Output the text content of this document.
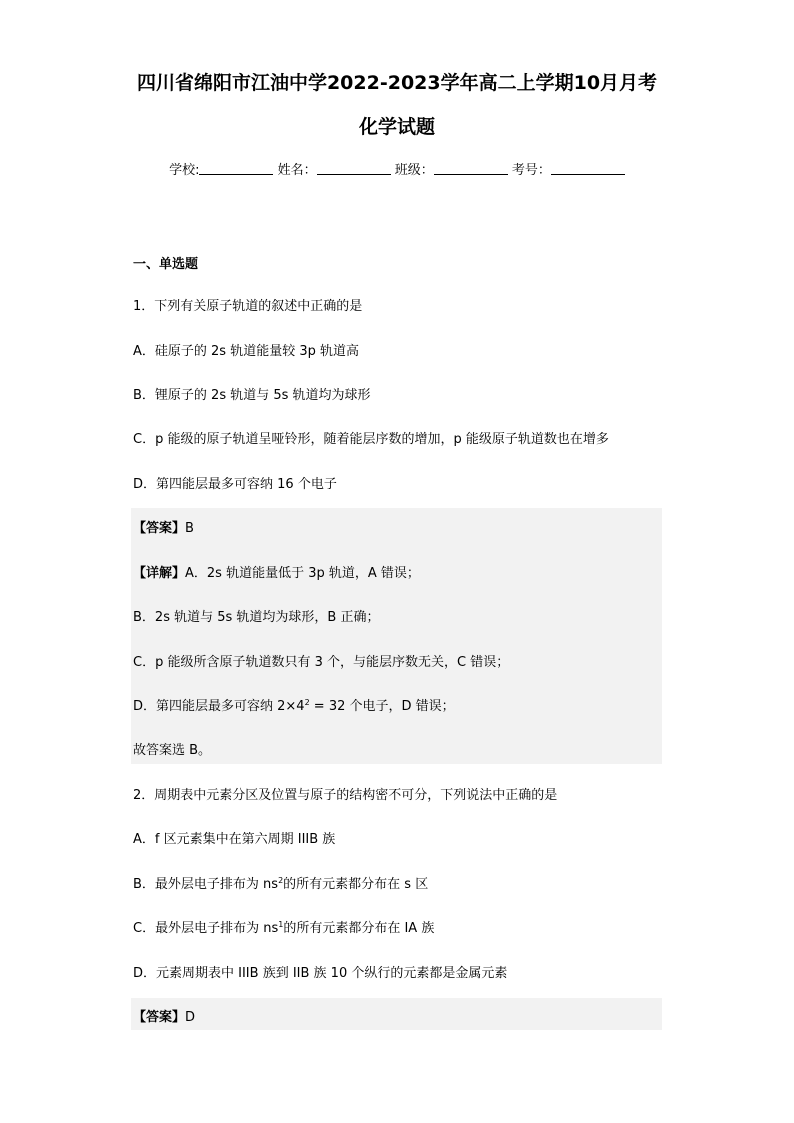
四川省绵阳市江油中学2022-2023学年高二上学期10月月考
化学试题
学校:	姓名：	班级：	考号：
一、单选题
1．下列有关原子轨道的叙述中正确的是
A．硅原子的 2s 轨道能量较 3p 轨道高
B．锂原子的 2s 轨道与 5s 轨道均为球形
C．p 能级的原子轨道呈哑铃形，随着能层序数的增加，p 能级原子轨道数也在增多
D．第四能层最多可容纳 16 个电子
【答案】B
【详解】A．2s 轨道能量低于 3p 轨道，A 错误；
B．2s 轨道与 5s 轨道均为球形，B 正确；
C．p 能级所含原子轨道数只有 3 个，与能层序数无关，C 错误；
D．第四能层最多可容纳 $2\times 4^2 = 32$ 个电子，D 错误；
故答案选 B。
2．周期表中元素分区及位置与原子的结构密不可分，下列说法中正确的是
A．f 区元素集中在第六周期 IIIB 族
B．最外层电子排布为 $ns^2$的所有元素都分布在 s 区
C．最外层电子排布为 $ns^1$的所有元素都分布在 IA 族
D．元素周期表中 IIIB 族到 IIB 族 10 个纵行的元素都是金属元素
【答案】D
